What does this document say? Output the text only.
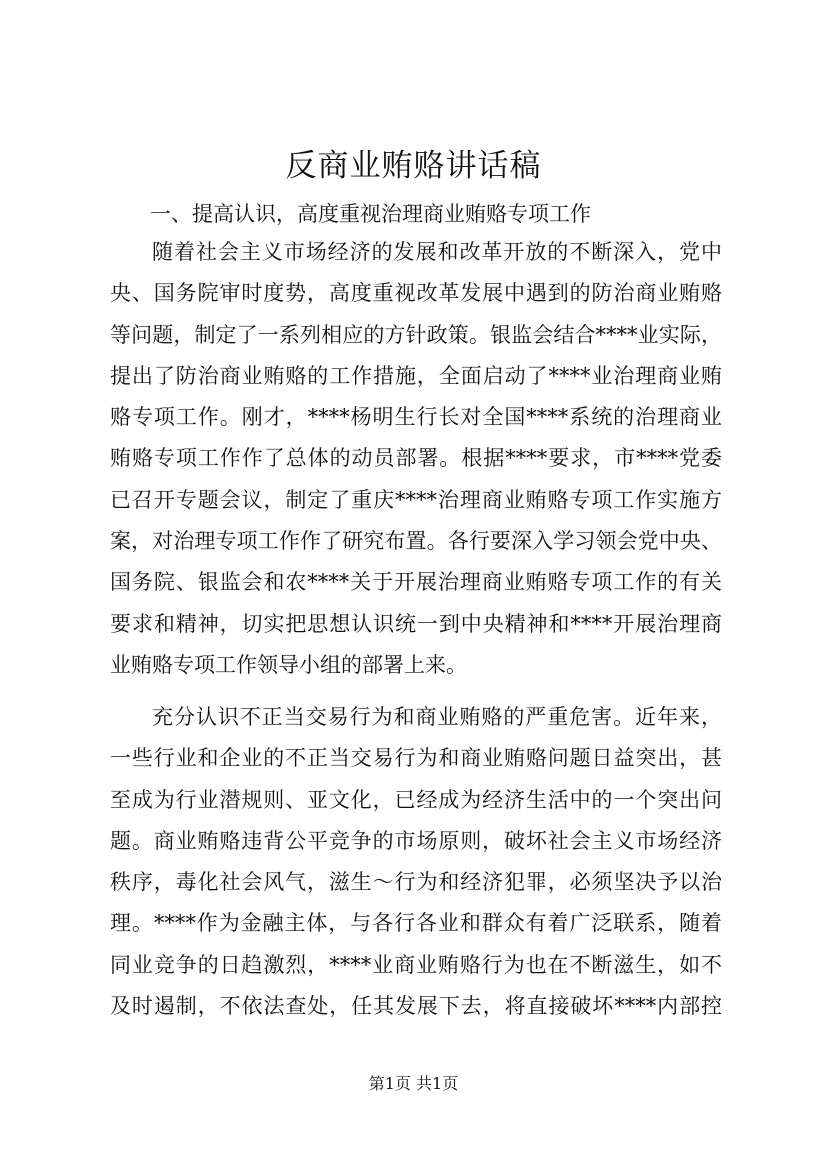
反商业贿赂讲话稿

一、提高认识，高度重视治理商业贿赂专项工作

随着社会主义市场经济的发展和改革开放的不断深入，党中
央、国务院审时度势，高度重视改革发展中遇到的防治商业贿赂
等问题，制定了一系列相应的方针政策。银监会结合****业实际，
提出了防治商业贿赂的工作措施，全面启动了****业治理商业贿
赂专项工作。刚才，****杨明生行长对全国****系统的治理商业
贿赂专项工作作了总体的动员部署。根据****要求，市****党委
已召开专题会议，制定了重庆****治理商业贿赂专项工作实施方
案，对治理专项工作作了研究布置。各行要深入学习领会党中央、
国务院、银监会和农****关于开展治理商业贿赂专项工作的有关
要求和精神，切实把思想认识统一到中央精神和****开展治理商
业贿赂专项工作领导小组的部署上来。
充分认识不正当交易行为和商业贿赂的严重危害。近年来，
一些行业和企业的不正当交易行为和商业贿赂问题日益突出，甚
至成为行业潜规则、亚文化，已经成为经济生活中的一个突出问
题。商业贿赂违背公平竞争的市场原则，破坏社会主义市场经济
秩序，毒化社会风气，滋生～行为和经济犯罪，必须坚决予以治
理。****作为金融主体，与各行各业和群众有着广泛联系，随着
同业竞争的日趋激烈，****业商业贿赂行为也在不断滋生，如不
及时遏制，不依法查处，任其发展下去，将直接破坏****内部控

第1页 共1页
